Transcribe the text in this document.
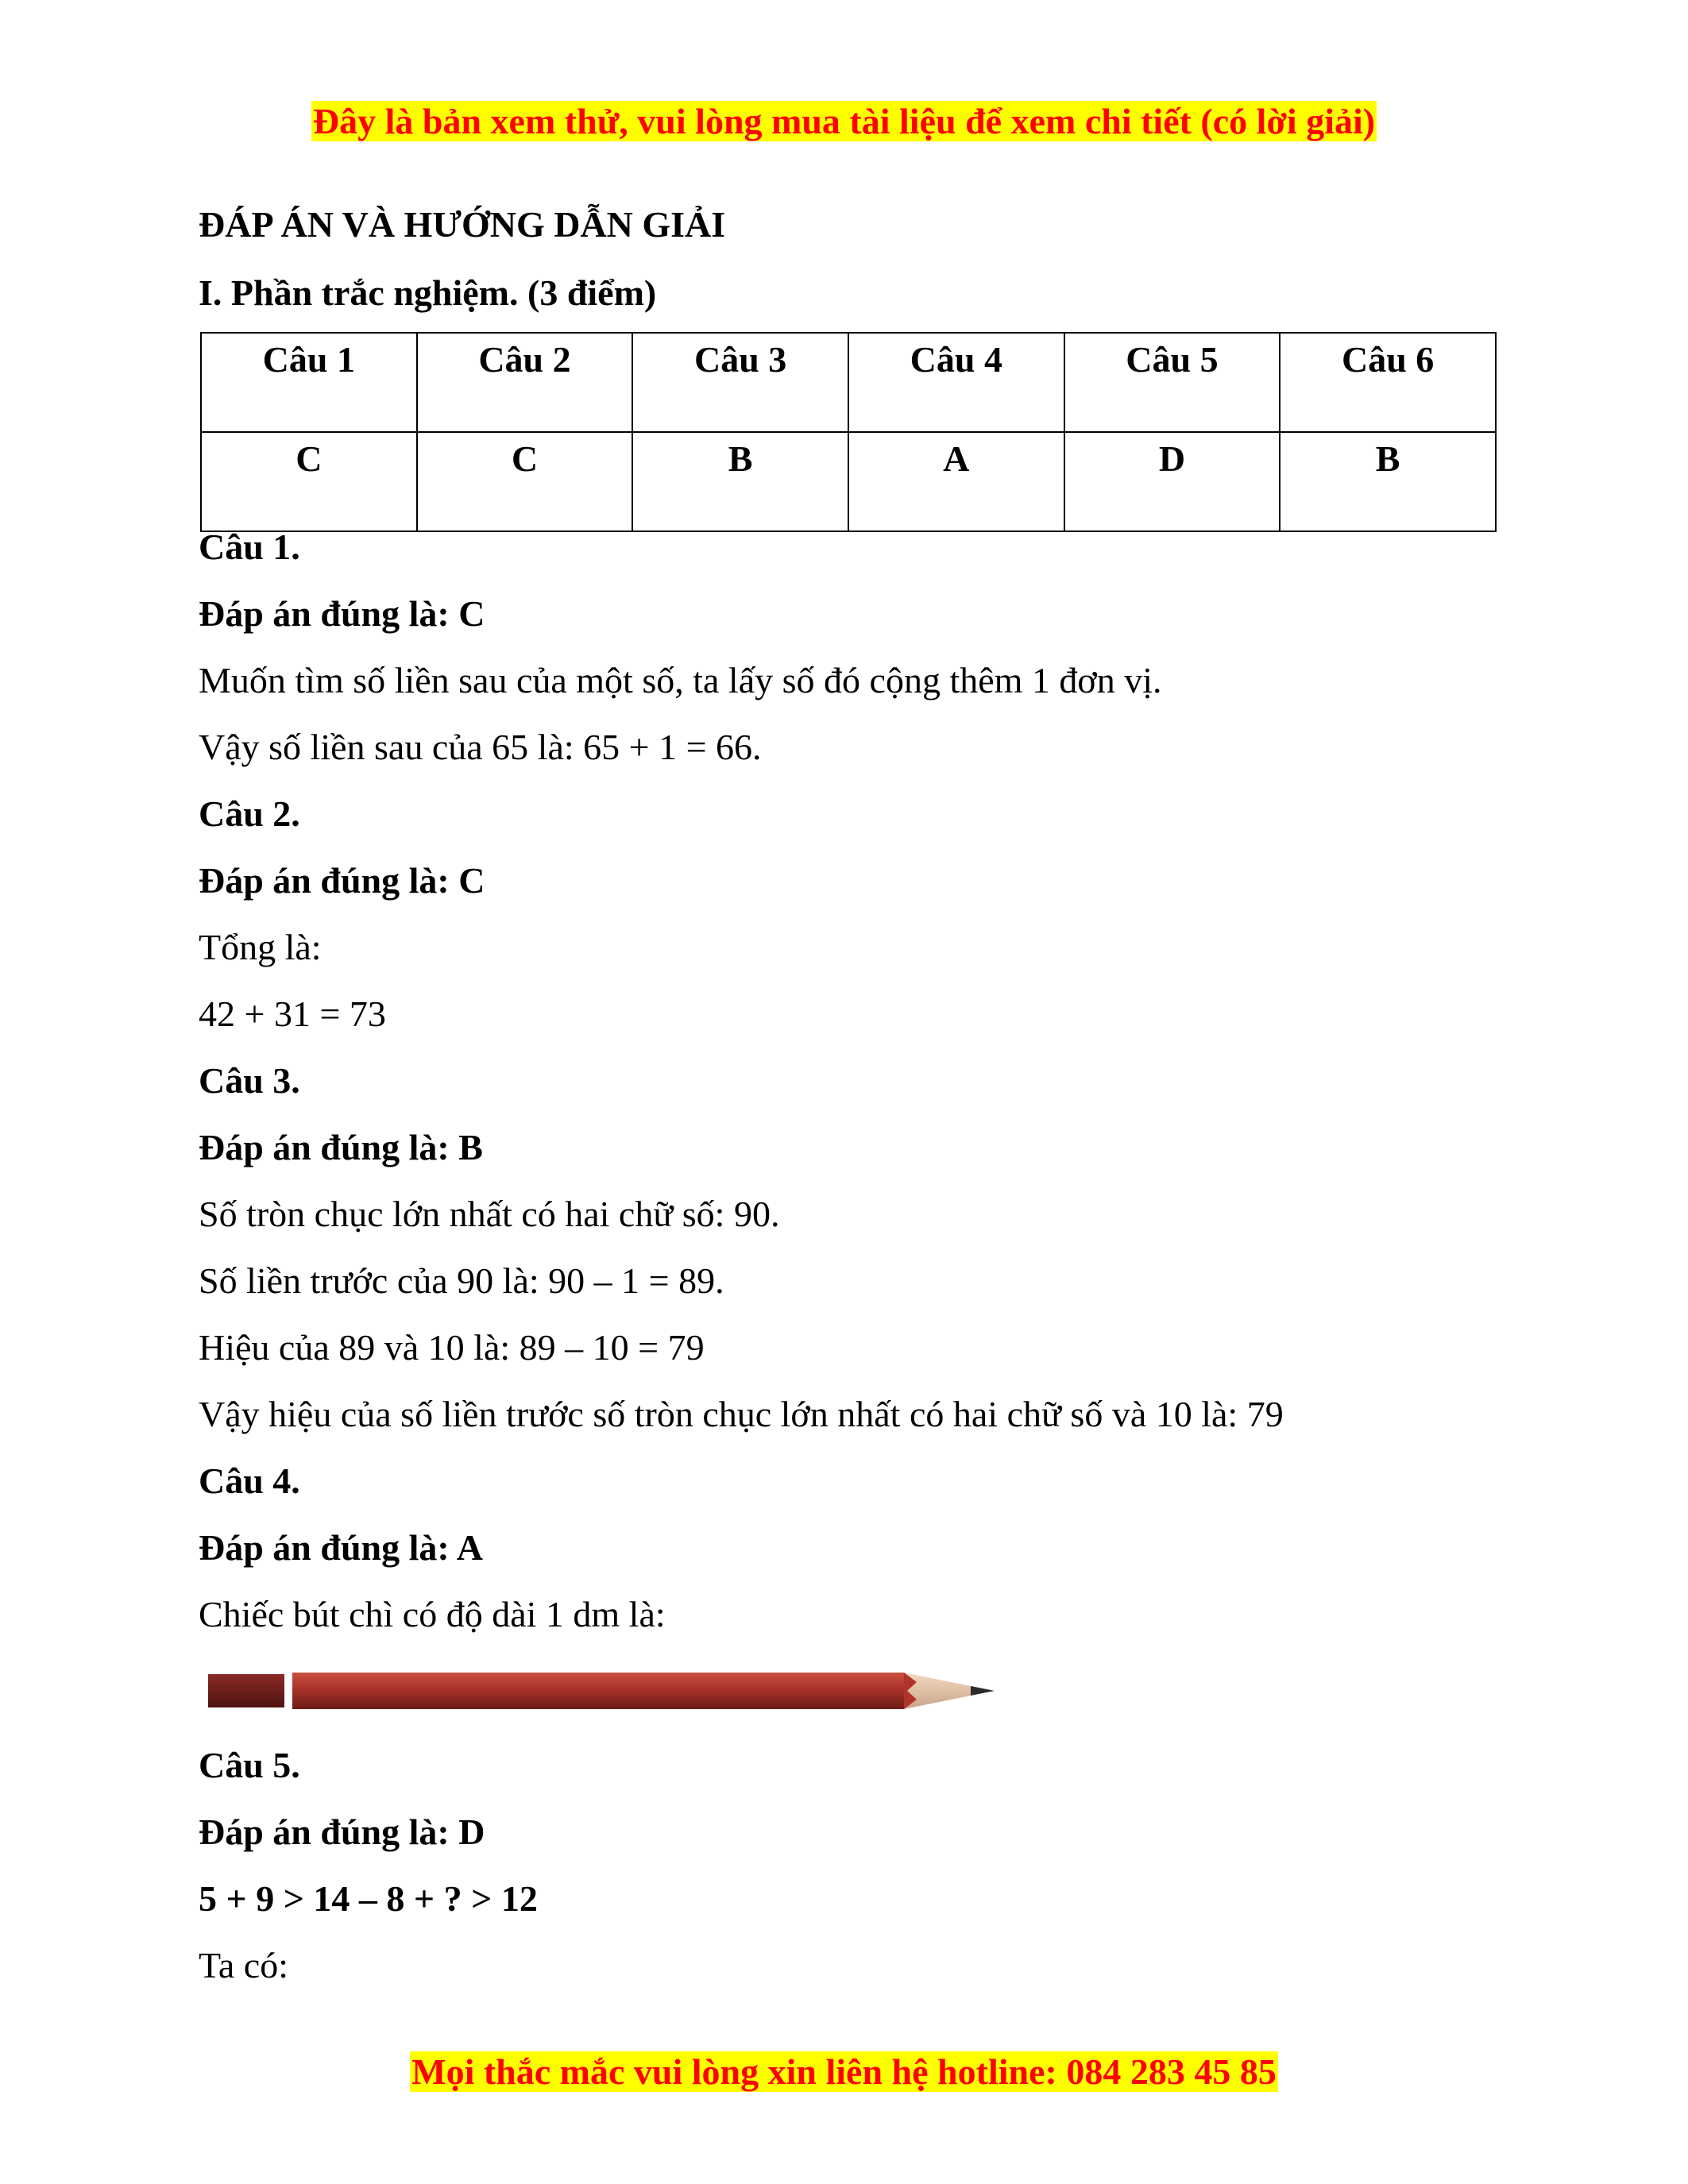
Đây là bản xem thử, vui lòng mua tài liệu để xem chi tiết (có lời giải)
ĐÁP ÁN VÀ HƯỚNG DẪN GIẢI
I. Phần trắc nghiệm. (3 điểm)
Câu 1	Câu 2	Câu 3	Câu 4	Câu 5	Câu 6
C	C	B	A	D	B
Câu 1.
Đáp án đúng là: C
Muốn tìm số liền sau của một số, ta lấy số đó cộng thêm 1 đơn vị.
Vậy số liền sau của 65 là: 65 + 1 = 66.
Câu 2.
Đáp án đúng là: C
Tổng là:
42 + 31 = 73
Câu 3.
Đáp án đúng là: B
Số tròn chục lớn nhất có hai chữ số: 90.
Số liền trước của 90 là: 90 – 1 = 89.
Hiệu của 89 và 10 là: 89 – 10 = 79
Vậy hiệu của số liền trước số tròn chục lớn nhất có hai chữ số và 10 là: 79
Câu 4.
Đáp án đúng là: A
Chiếc bút chì có độ dài 1 dm là:
Câu 5.
Đáp án đúng là: D
5 + 9 > 14 – 8 + ? > 12
Ta có:
Mọi thắc mắc vui lòng xin liên hệ hotline: 084 283 45 85
